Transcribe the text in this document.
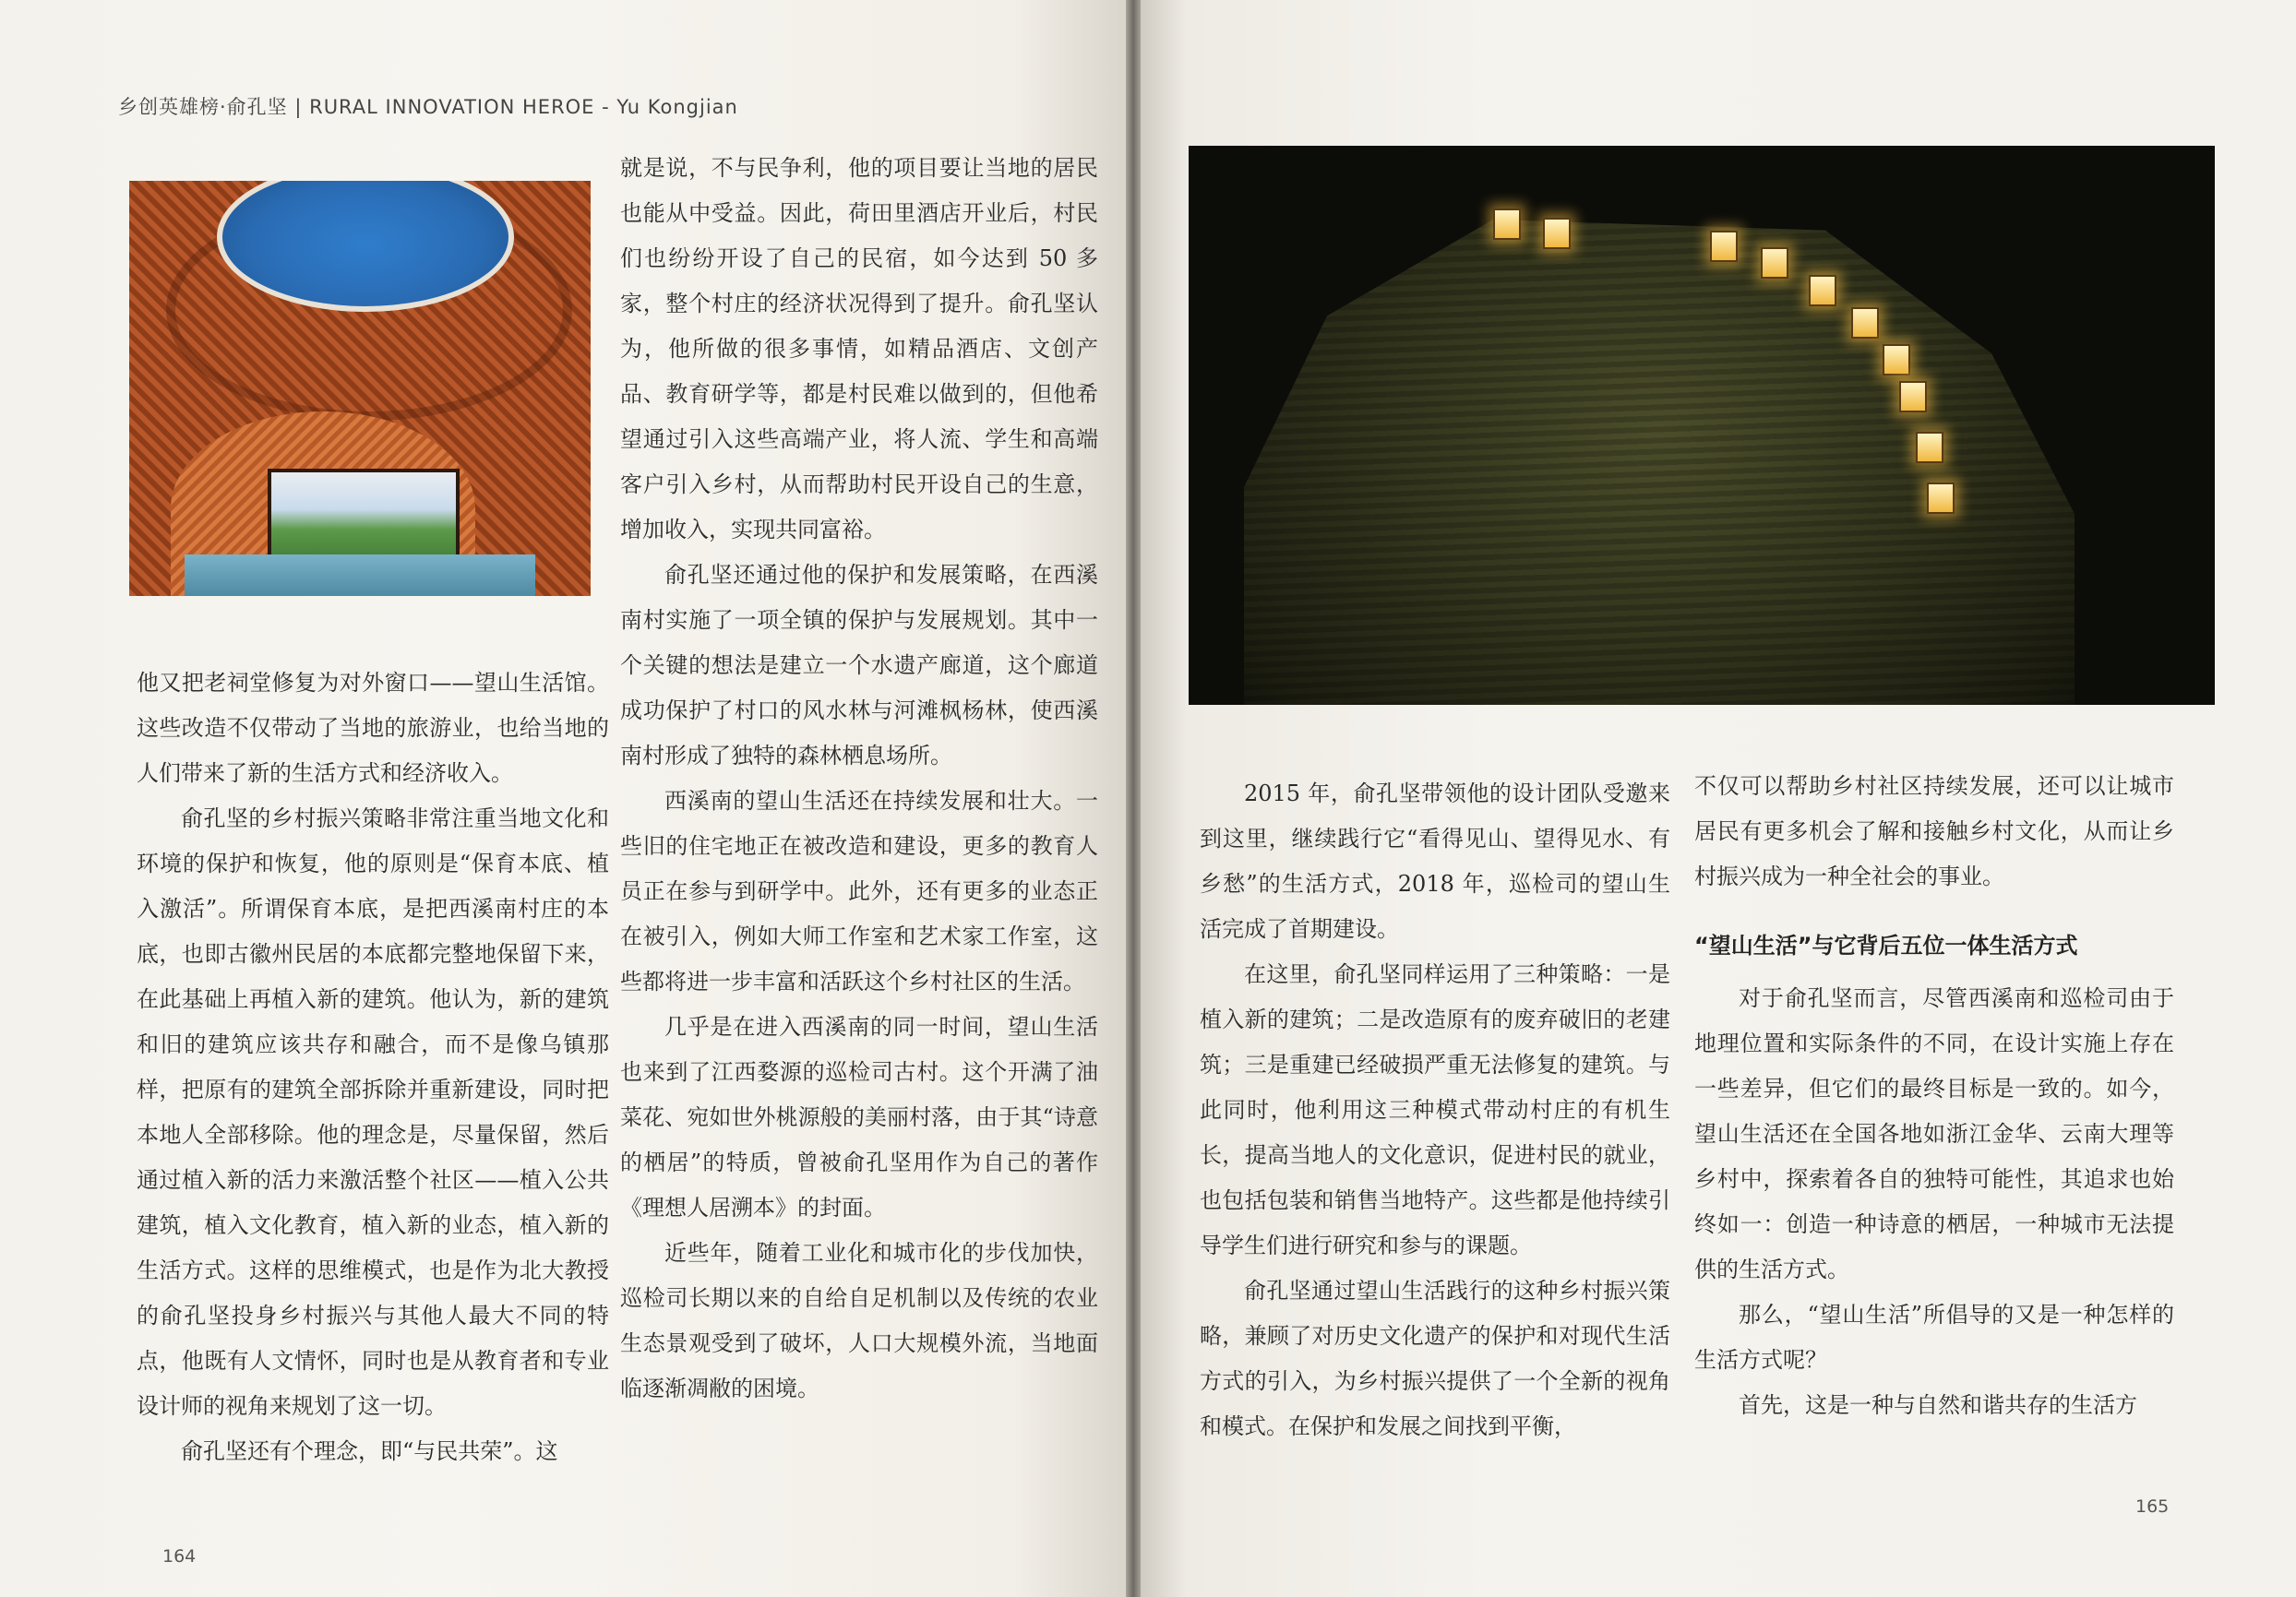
乡创英雄榜·俞孔坚 | RURAL INNOVATION HEROE - Yu Kongjian

他又把老祠堂修复为对外窗口——望山生活馆。这些改造不仅带动了当地的旅游业，也给当地的人们带来了新的生活方式和经济收入。

俞孔坚的乡村振兴策略非常注重当地文化和环境的保护和恢复，他的原则是“保育本底、植入激活”。所谓保育本底，是把西溪南村庄的本底，也即古徽州民居的本底都完整地保留下来，在此基础上再植入新的建筑。他认为，新的建筑和旧的建筑应该共存和融合，而不是像乌镇那样，把原有的建筑全部拆除并重新建设，同时把本地人全部移除。他的理念是，尽量保留，然后通过植入新的活力来激活整个社区——植入公共建筑，植入文化教育，植入新的业态，植入新的生活方式。这样的思维模式，也是作为北大教授的俞孔坚投身乡村振兴与其他人最大不同的特点，他既有人文情怀，同时也是从教育者和专业设计师的视角来规划了这一切。

俞孔坚还有个理念，即“与民共荣”。这

就是说，不与民争利，他的项目要让当地的居民也能从中受益。因此，荷田里酒店开业后，村民们也纷纷开设了自己的民宿，如今达到 50 多家，整个村庄的经济状况得到了提升。俞孔坚认为，他所做的很多事情，如精品酒店、文创产品、教育研学等，都是村民难以做到的，但他希望通过引入这些高端产业，将人流、学生和高端客户引入乡村，从而帮助村民开设自己的生意，增加收入，实现共同富裕。

俞孔坚还通过他的保护和发展策略，在西溪南村实施了一项全镇的保护与发展规划。其中一个关键的想法是建立一个水遗产廊道，这个廊道成功保护了村口的风水林与河滩枫杨林，使西溪南村形成了独特的森林栖息场所。

西溪南的望山生活还在持续发展和壮大。一些旧的住宅地正在被改造和建设，更多的教育人员正在参与到研学中。此外，还有更多的业态正在被引入，例如大师工作室和艺术家工作室，这些都将进一步丰富和活跃这个乡村社区的生活。

几乎是在进入西溪南的同一时间，望山生活也来到了江西婺源的巡检司古村。这个开满了油菜花、宛如世外桃源般的美丽村落，由于其“诗意的栖居”的特质，曾被俞孔坚用作为自己的著作《理想人居溯本》的封面。

近些年，随着工业化和城市化的步伐加快，巡检司长期以来的自给自足机制以及传统的农业生态景观受到了破坏，人口大规模外流，当地面临逐渐凋敝的困境。

164

2015 年，俞孔坚带领他的设计团队受邀来到这里，继续践行它“看得见山、望得见水、有乡愁”的生活方式，2018 年，巡检司的望山生活完成了首期建设。

在这里，俞孔坚同样运用了三种策略：一是植入新的建筑；二是改造原有的废弃破旧的老建筑；三是重建已经破损严重无法修复的建筑。与此同时，他利用这三种模式带动村庄的有机生长，提高当地人的文化意识，促进村民的就业，也包括包装和销售当地特产。这些都是他持续引导学生们进行研究和参与的课题。

俞孔坚通过望山生活践行的这种乡村振兴策略，兼顾了对历史文化遗产的保护和对现代生活方式的引入，为乡村振兴提供了一个全新的视角和模式。在保护和发展之间找到平衡，

不仅可以帮助乡村社区持续发展，还可以让城市居民有更多机会了解和接触乡村文化，从而让乡村振兴成为一种全社会的事业。

“望山生活”与它背后五位一体生活方式

对于俞孔坚而言，尽管西溪南和巡检司由于地理位置和实际条件的不同，在设计实施上存在一些差异，但它们的最终目标是一致的。如今，望山生活还在全国各地如浙江金华、云南大理等乡村中，探索着各自的独特可能性，其追求也始终如一：创造一种诗意的栖居，一种城市无法提供的生活方式。

那么，“望山生活”所倡导的又是一种怎样的生活方式呢？

首先，这是一种与自然和谐共存的生活方

165
